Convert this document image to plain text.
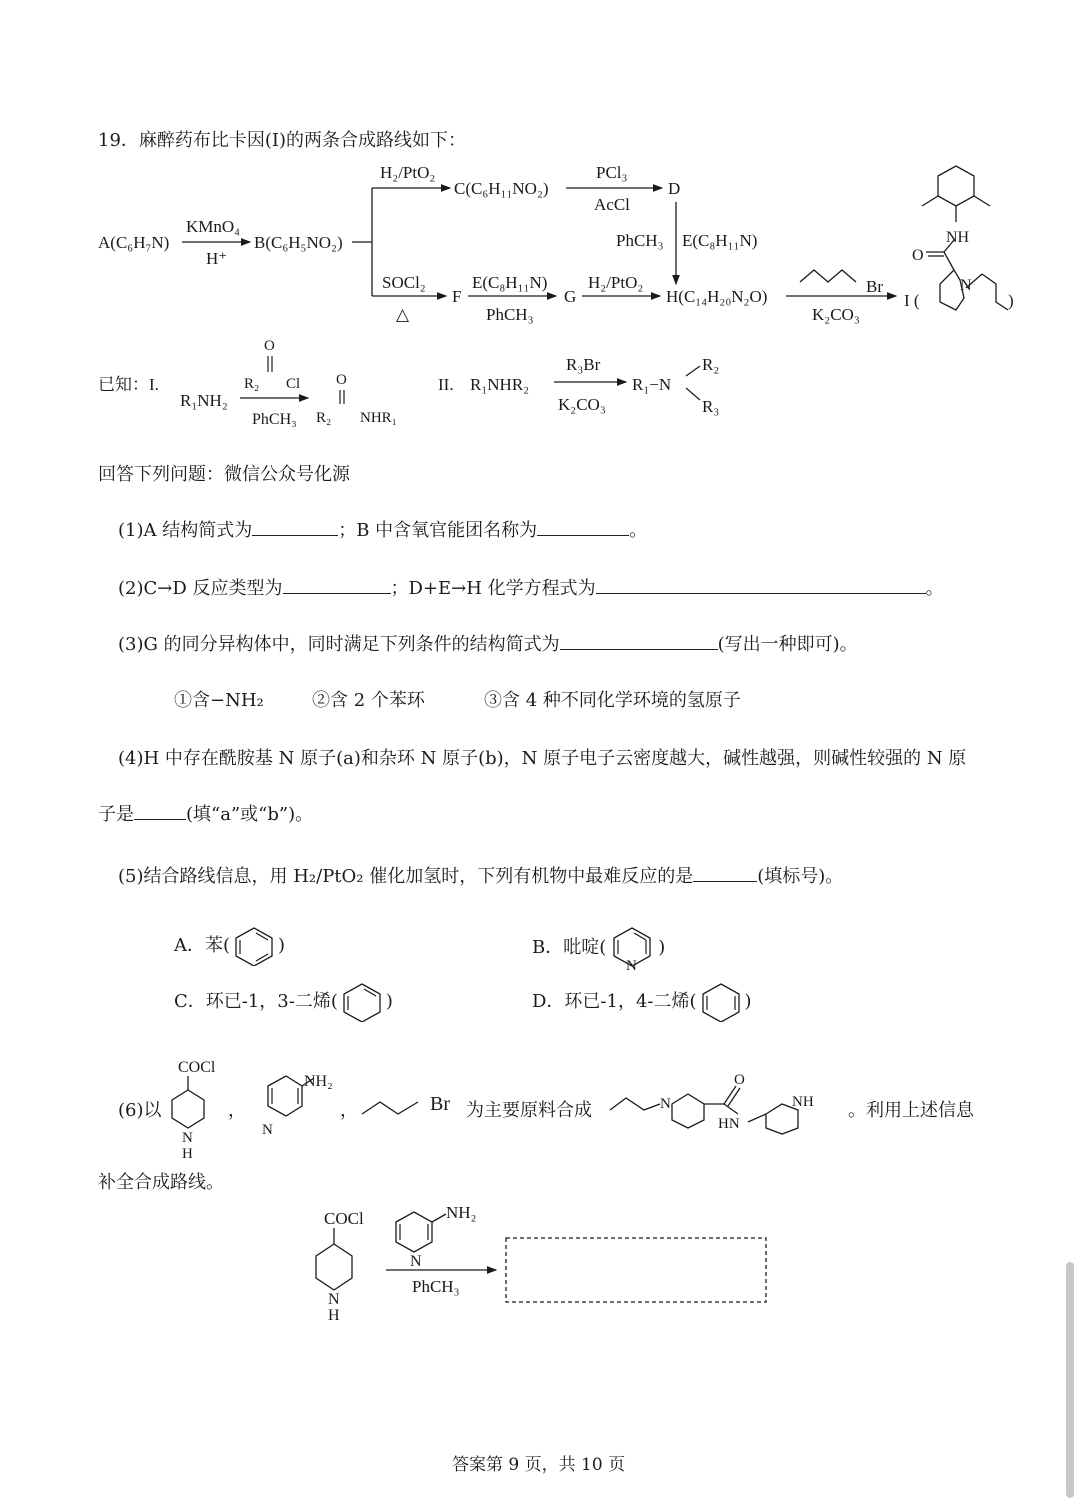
19．麻醉药布比卡因(I)的两条合成路线如下：
A(C₆H₇N)
KMnO₄
H⁺
B(C₆H₅NO₂)
H₂/PtO₂
C(C₆H₁₁NO₂)
PCl₃
AcCl
D
PhCH₃ E(C₈H₁₁N)
SOCl₂
△
F
E(C₈H₁₁N)
PhCH₃
G
H₂/PtO₂
H(C₁₄H₂₀N₂O)
Br
K₂CO₃
I (	)
NH
O
N
已知：I.
R₁NH₂
O
R₂ Cl
PhCH₃
O
R₂ NHR₁
II. R₁NHR₂
R₃Br
K₂CO₃
R₁−N
R₂
R₃
回答下列问题：微信公众号化源
(1)A 结构简式为	；B 中含氧官能团名称为	。
(2)C→D 反应类型为	；D+E→H 化学方程式为	。
(3)G 的同分异构体中，同时满足下列条件的结构简式为	(写出一种即可)。
①含−NH₂	②含 2 个苯环	③含 4 种不同化学环境的氢原子
(4)H 中存在酰胺基 N 原子(a)和杂环 N 原子(b)，N 原子电子云密度越大，碱性越强，则碱性较强的 N 原
子是	(填“a”或“b”)。
(5)结合路线信息，用 H₂/PtO₂ 催化加氢时，下列有机物中最难反应的是	(填标号)。
A．苯(	)	B．吡啶(
N
)
C．环已-1，3-二烯(	)	D．环已-1，4-二烯(	)
(6)以
COCl
N
H
，
NH₂
N
，	Br 为主要原料合成	N
O
HN
NH 。利用上述信息
补全合成路线。
COCl
N
H
NH₂
N
PhCH₃
答案第 9 页，共 10 页
